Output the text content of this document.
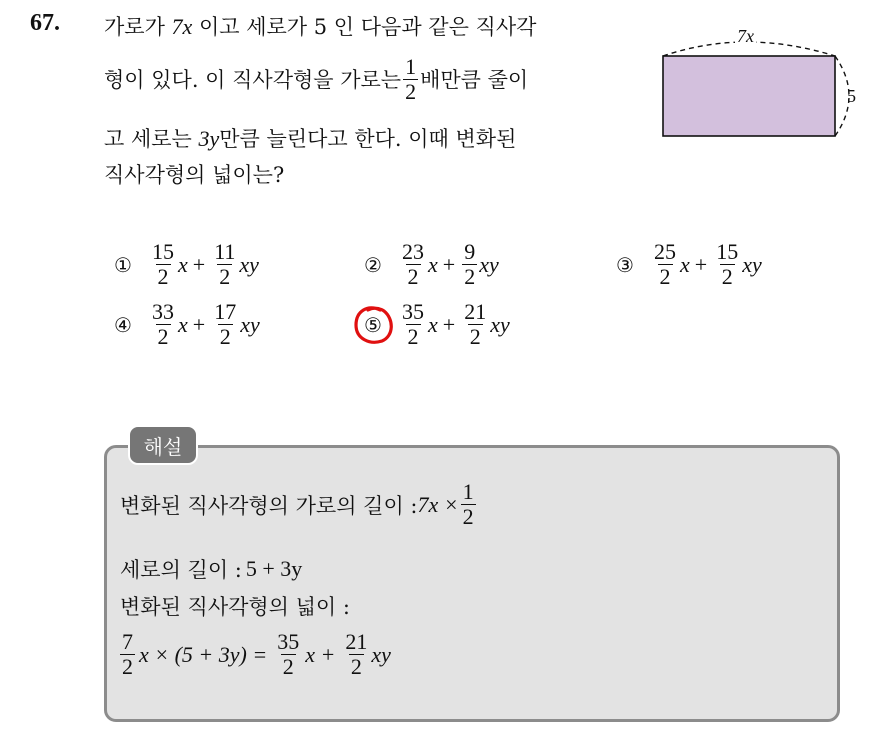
67. 가로가 7x 이고 세로가 5 인 다음과 같은 직사각
형이 있다. 이 직사각형을 가로는 $\frac{1}{2}$ 배만큼 줄이
고 세로는 3y만큼 늘린다고 한다. 이때 변화된
직사각형의 넓이는?
7x
5
① $\frac{15}{2}$ $x + \frac{11}{2}$ xy	② $\frac{23}{2}$ $x + \frac{9}{2}$ xy	③ $\frac{25}{2}$ $x + \frac{15}{2}$ xy
④ $\frac{33}{2}$ $x + \frac{17}{2}$ xy	⑤ $\frac{35}{2}$ $x + \frac{21}{2}$ xy
해설
변화된 직사각형의 가로의 길이 : $7x \times \frac{1}{2}$
세로의 길이 : 5 + 3y
변화된 직사각형의 넓이 :
$\frac{7}{2}$ $x \times (5 + 3y) = \frac{35}{2}$ $x + \frac{21}{2}$ xy
